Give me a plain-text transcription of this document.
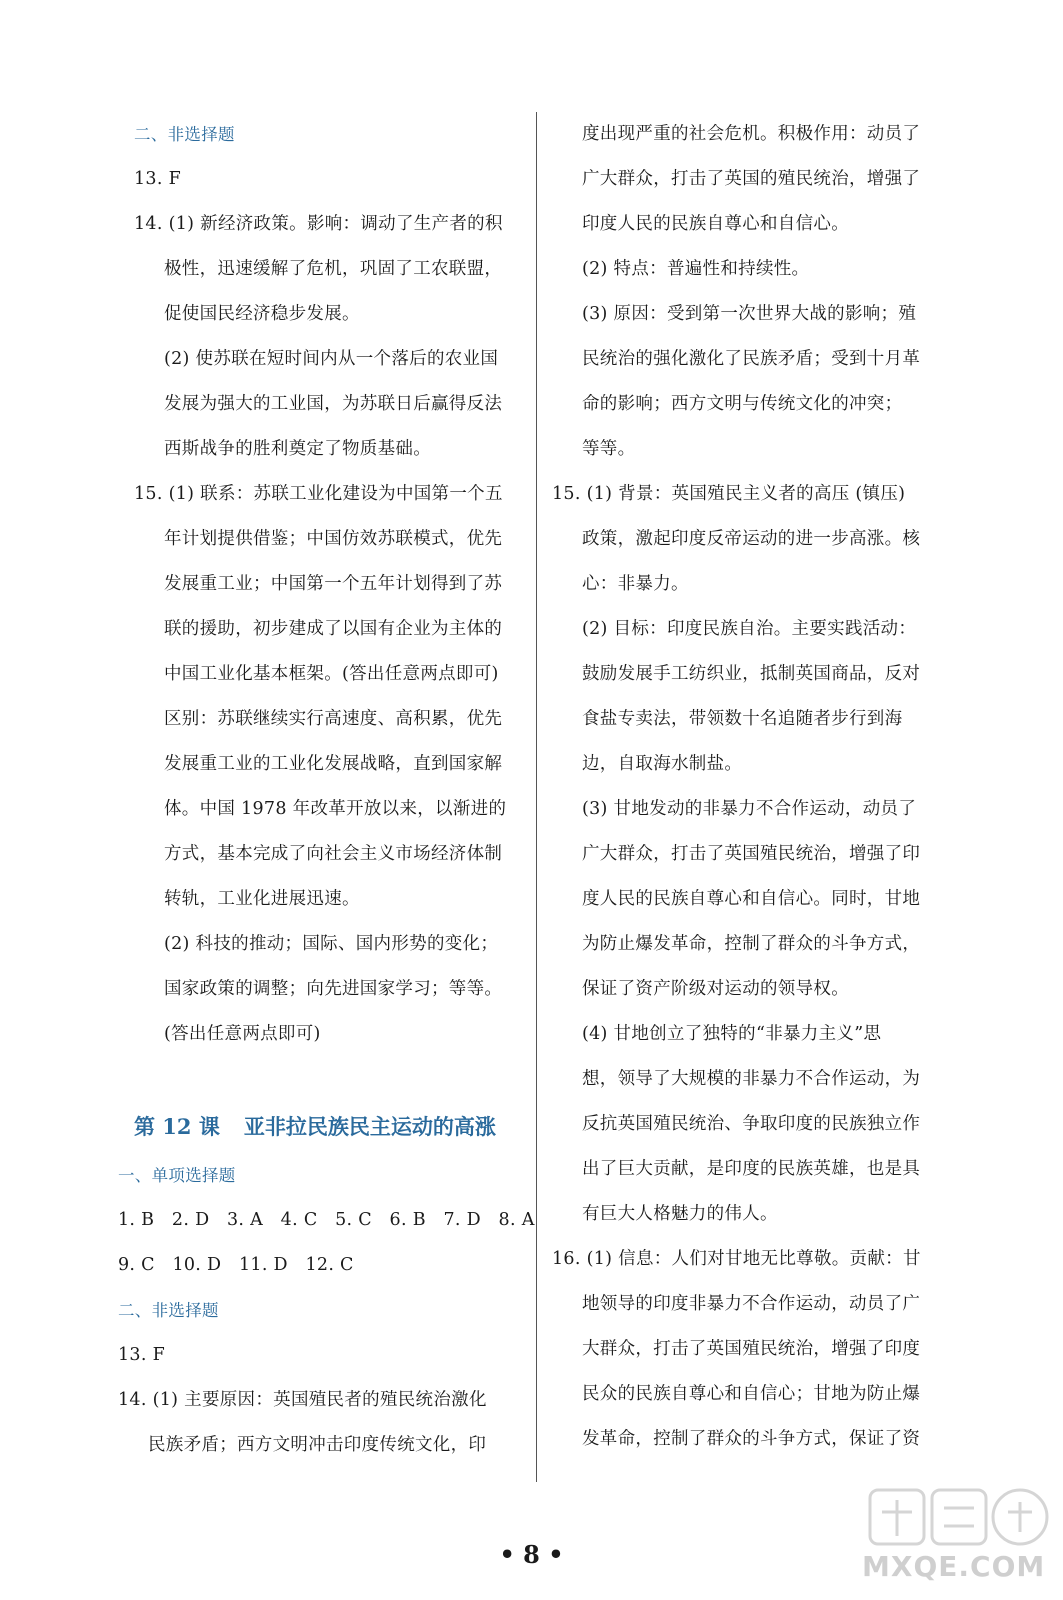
二、非选择题
13. F
14. (1) 新经济政策。影响：调动了生产者的积
极性，迅速缓解了危机，巩固了工农联盟，
促使国民经济稳步发展。
(2) 使苏联在短时间内从一个落后的农业国
发展为强大的工业国，为苏联日后赢得反法
西斯战争的胜利奠定了物质基础。
15. (1) 联系：苏联工业化建设为中国第一个五
年计划提供借鉴；中国仿效苏联模式，优先
发展重工业；中国第一个五年计划得到了苏
联的援助，初步建成了以国有企业为主体的
中国工业化基本框架。(答出任意两点即可)
区别：苏联继续实行高速度、高积累，优先
发展重工业的工业化发展战略，直到国家解
体。中国 1978 年改革开放以来，以渐进的
方式，基本完成了向社会主义市场经济体制
转轨，工业化进展迅速。
(2) 科技的推动；国际、国内形势的变化；
国家政策的调整；向先进国家学习；等等。
(答出任意两点即可)
第 12 课 亚非拉民族民主运动的高涨
一、单项选择题
1. B   2. D   3. A   4. C   5. C   6. B   7. D   8. A
9. C   10. D   11. D   12. C
二、非选择题
13. F
14. (1) 主要原因：英国殖民者的殖民统治激化
民族矛盾；西方文明冲击印度传统文化，印
度出现严重的社会危机。积极作用：动员了
广大群众，打击了英国的殖民统治，增强了
印度人民的民族自尊心和自信心。
(2) 特点：普遍性和持续性。
(3) 原因：受到第一次世界大战的影响；殖
民统治的强化激化了民族矛盾；受到十月革
命的影响；西方文明与传统文化的冲突；
等等。
15. (1) 背景：英国殖民主义者的高压 (镇压)
政策，激起印度反帝运动的进一步高涨。核
心：非暴力。
(2) 目标：印度民族自治。主要实践活动：
鼓励发展手工纺织业，抵制英国商品，反对
食盐专卖法，带领数十名追随者步行到海
边，自取海水制盐。
(3) 甘地发动的非暴力不合作运动，动员了
广大群众，打击了英国殖民统治，增强了印
度人民的民族自尊心和自信心。同时，甘地
为防止爆发革命，控制了群众的斗争方式，
保证了资产阶级对运动的领导权。
(4) 甘地创立了独特的“非暴力主义”思
想，领导了大规模的非暴力不合作运动，为
反抗英国殖民统治、争取印度的民族独立作
出了巨大贡献，是印度的民族英雄，也是具
有巨大人格魅力的伟人。
16. (1) 信息：人们对甘地无比尊敬。贡献：甘
地领导的印度非暴力不合作运动，动员了广
大群众，打击了英国殖民统治，增强了印度
民众的民族自尊心和自信心；甘地为防止爆
发革命，控制了群众的斗争方式，保证了资
• 8 •	MXQE.COM
